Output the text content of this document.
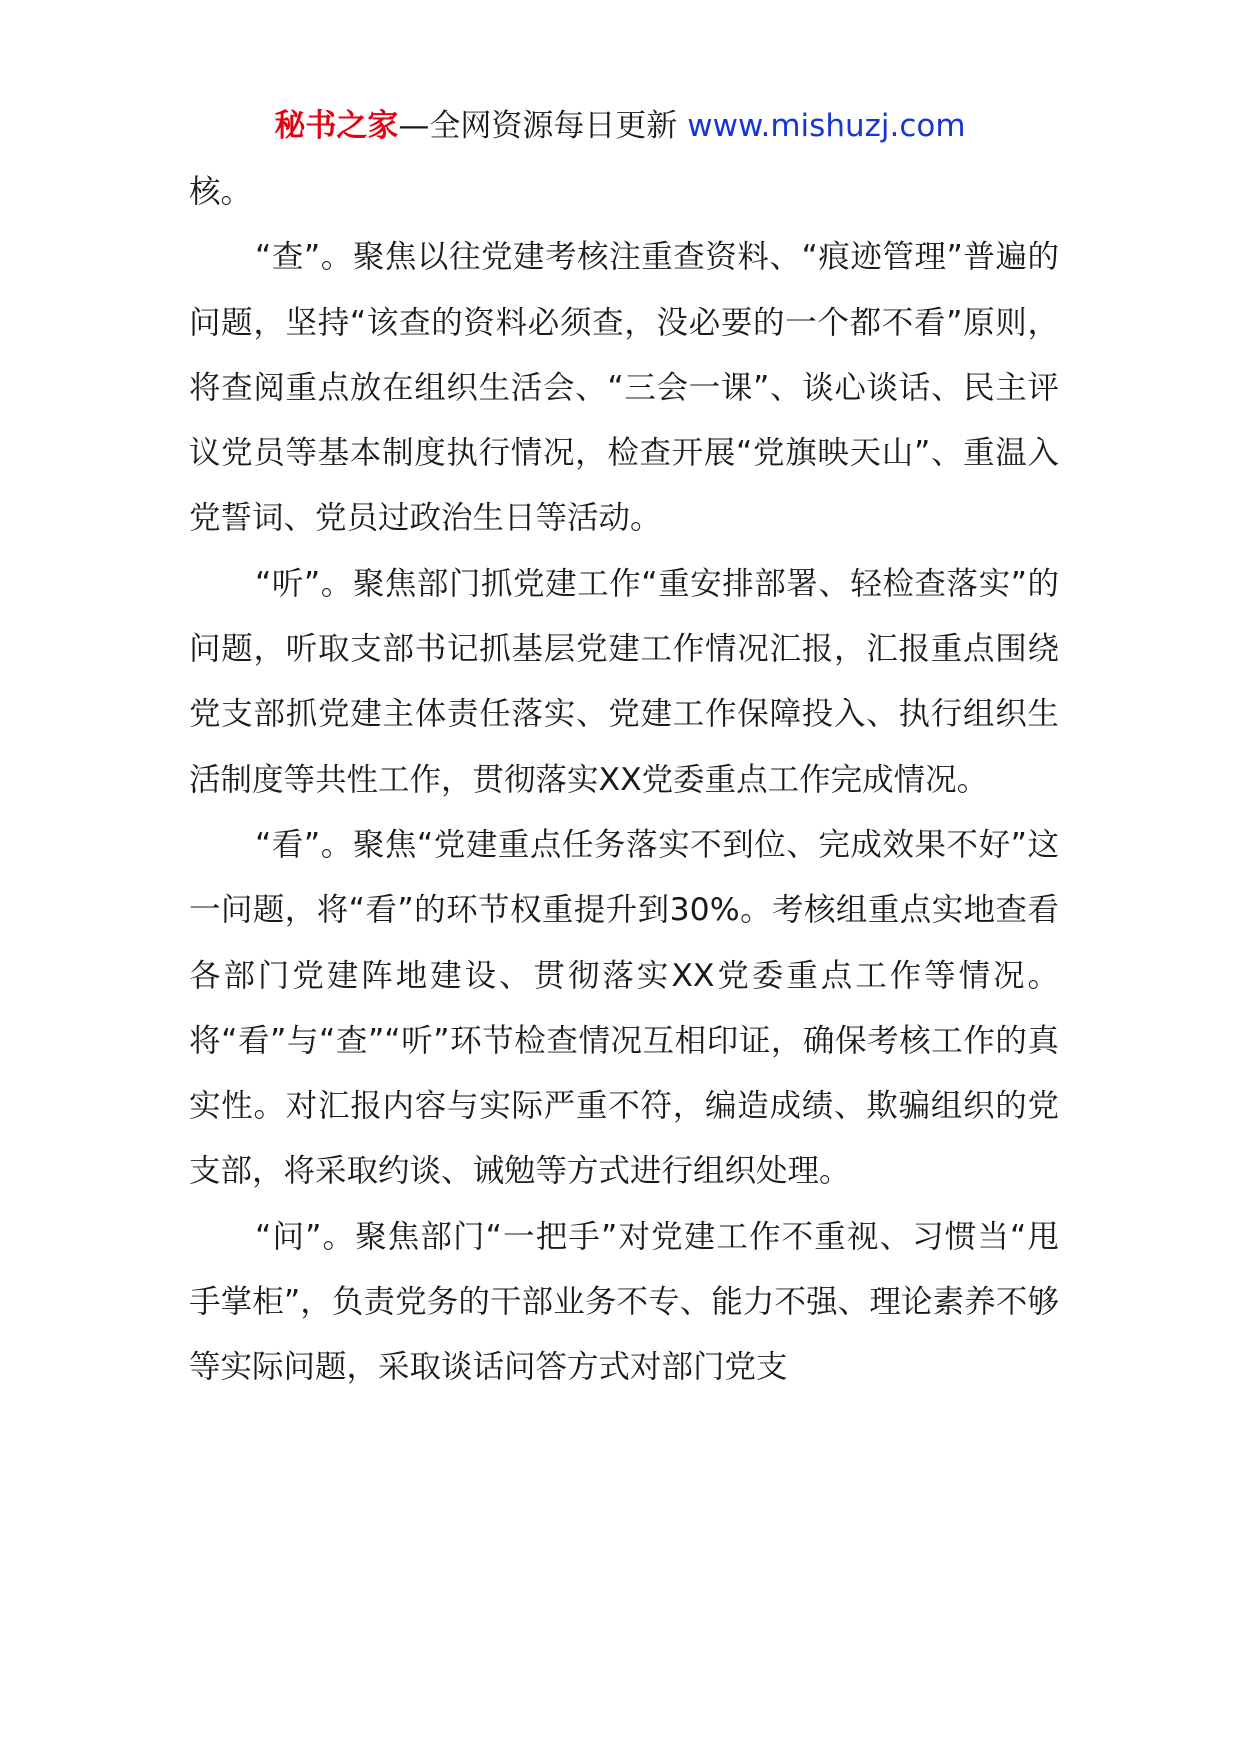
秘书之家—全网资源每日更新 www.mishuzj.com

核。

“查”。聚焦以往党建考核注重查资料、“痕迹管理”普遍的问题，坚持“该查的资料必须查，没必要的一个都不看”原则，将查阅重点放在组织生活会、“三会一课”、谈心谈话、民主评议党员等基本制度执行情况，检查开展“党旗映天山”、重温入党誓词、党员过政治生日等活动。

“听”。聚焦部门抓党建工作“重安排部署、轻检查落实”的问题，听取支部书记抓基层党建工作情况汇报，汇报重点围绕党支部抓党建主体责任落实、党建工作保障投入、执行组织生活制度等共性工作，贯彻落实XX党委重点工作完成情况。

“看”。聚焦“党建重点任务落实不到位、完成效果不好”这一问题，将“看”的环节权重提升到30%。考核组重点实地查看各部门党建阵地建设、贯彻落实XX党委重点工作等情况。将“看”与“查”“听”环节检查情况互相印证，确保考核工作的真实性。对汇报内容与实际严重不符，编造成绩、欺骗组织的党支部，将采取约谈、诫勉等方式进行组织处理。

“问”。聚焦部门“一把手”对党建工作不重视、习惯当“甩手掌柜”，负责党务的干部业务不专、能力不强、理论素养不够等实际问题，采取谈话问答方式对部门党支
